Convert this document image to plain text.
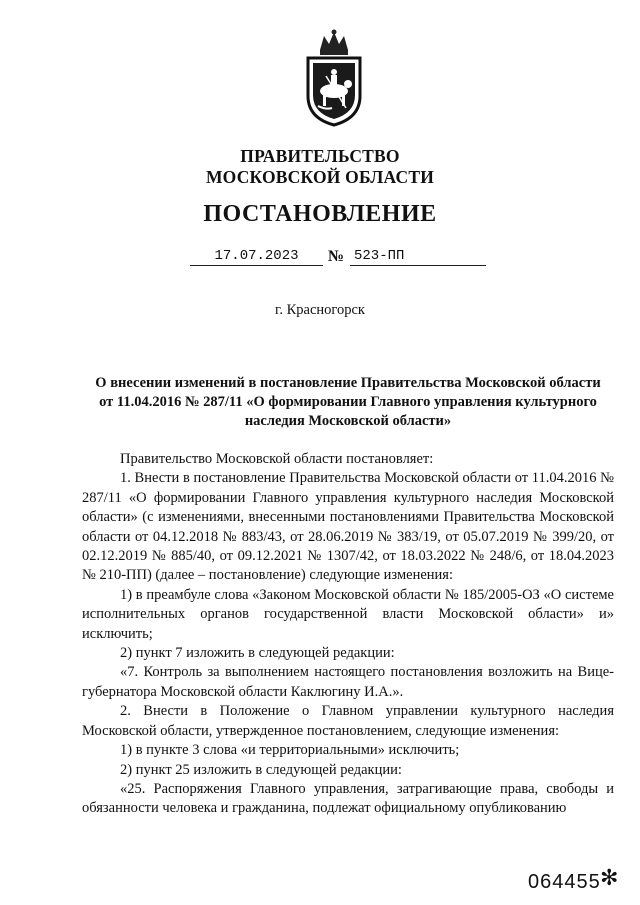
ПРАВИТЕЛЬСТВО
МОСКОВСКОЙ ОБЛАСТИ
ПОСТАНОВЛЕНИЕ
17.07.2023	№ 523-ПП
г. Красногорск
О внесении изменений в постановление Правительства Московской области
от 11.04.2016 № 287/11 «О формировании Главного управления культурного
наследия Московской области»

Правительство Московской области постановляет:

1. Внести в постановление Правительства Московской области от 11.04.2016 № 287/11 «О формировании Главного управления культурного наследия Московской области» (с изменениями, внесенными постановлениями Правительства Московской области от 04.12.2018 № 883/43, от 28.06.2019 № 383/19, от 05.07.2019 № 399/20, от 02.12.2019 № 885/40, от 09.12.2021 № 1307/42, от 18.03.2022 № 248/6, от 18.04.2023 № 210-ПП) (далее – постановление) следующие изменения:

1) в преамбуле слова «Законом Московской области № 185/2005-ОЗ «О системе исполнительных органов государственной власти Московской области» и» исключить;

2) пункт 7 изложить в следующей редакции:

«7. Контроль за выполнением настоящего постановления возложить на Вице-губернатора Московской области Каклюгину И.А.».

2. Внести в Положение о Главном управлении культурного наследия Московской области, утвержденное постановлением, следующие изменения:

1) в пункте 3 слова «и территориальными» исключить;

2) пункт 25 изложить в следующей редакции:

«25. Распоряжения Главного управления, затрагивающие права, свободы и обязанности человека и гражданина, подлежат официальному опубликованию

064455 ✻
